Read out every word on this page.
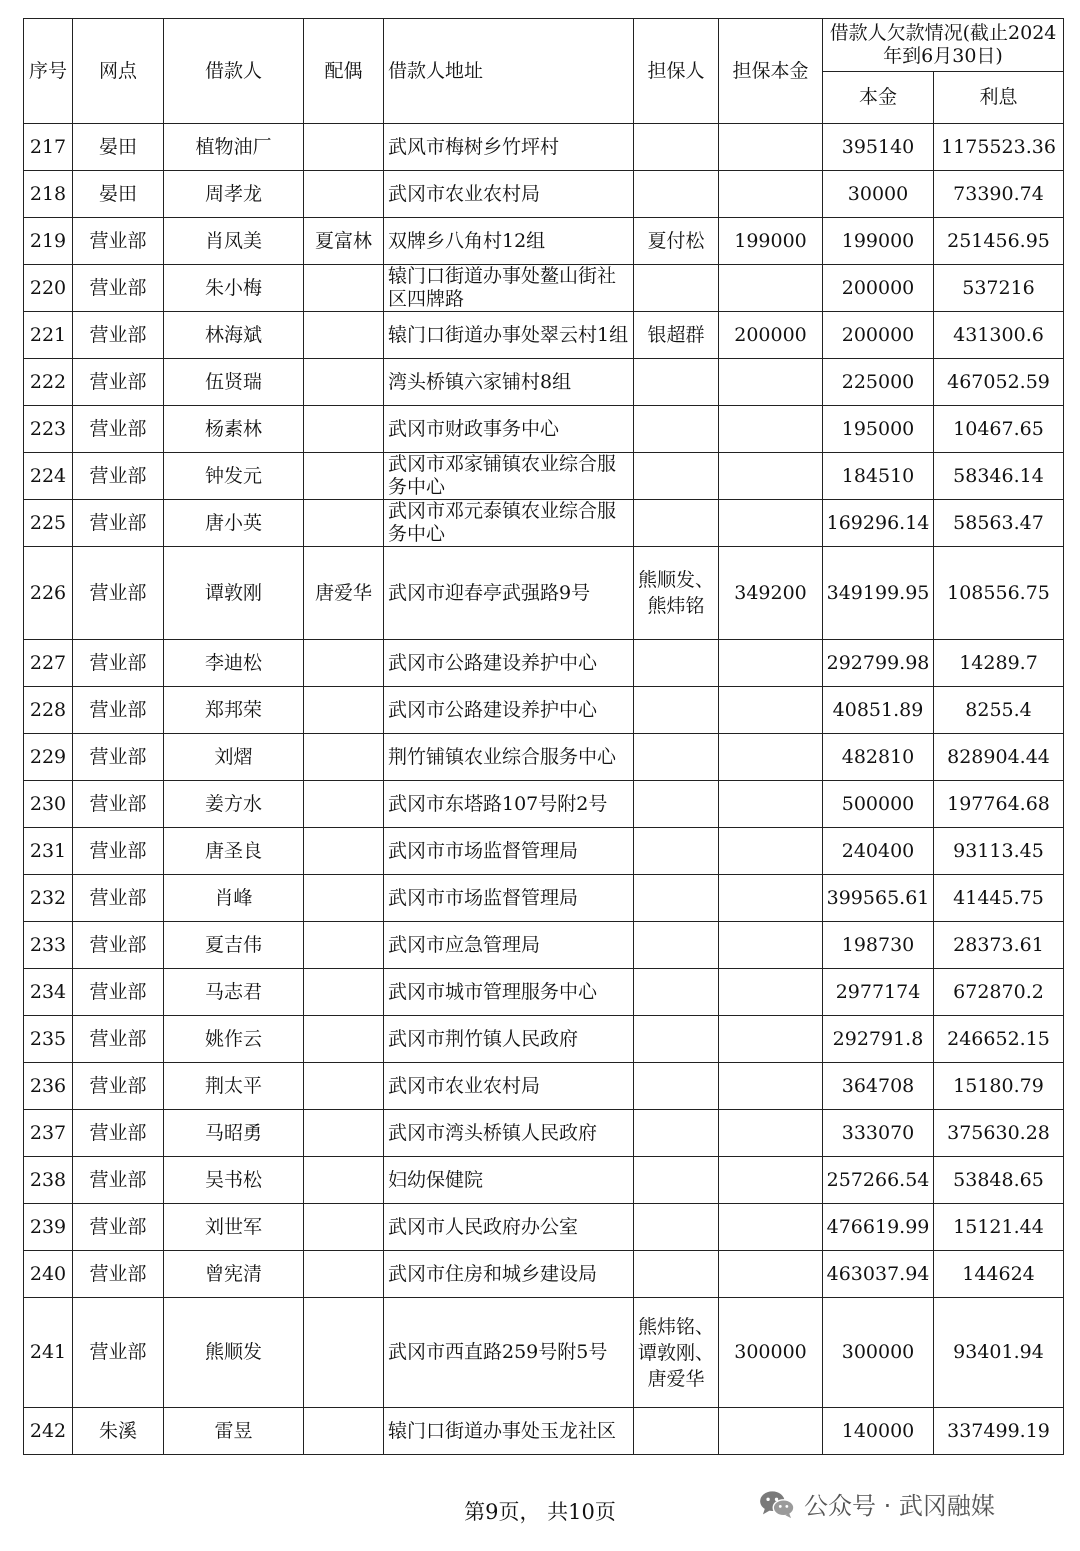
序号	网点	借款人	配偶	借款人地址	担保人	担保本金	借款人欠款情况(截止2024年到6月30日)	
							本金	利息
217	晏田	植物油厂		武风市梅树乡竹坪村			395140	1175523.36
218	晏田	周孝龙		武冈市农业农村局			30000	73390.74
219	营业部	肖凤美	夏富林	双牌乡八角村12组	夏付松	199000	199000	251456.95
220	营业部	朱小梅		辕门口街道办事处鳌山街社区四牌路			200000	537216
221	营业部	林海斌		辕门口街道办事处翠云村1组	银超群	200000	200000	431300.6
222	营业部	伍贤瑞		湾头桥镇六家铺村8组			225000	467052.59
223	营业部	杨素林		武冈市财政事务中心			195000	10467.65
224	营业部	钟发元		武冈市邓家铺镇农业综合服务中心			184510	58346.14
225	营业部	唐小英		武冈市邓元泰镇农业综合服务中心			169296.14	58563.47
226	营业部	谭敦刚	唐爱华	武冈市迎春亭武强路9号	熊顺发、熊炜铭	349200	349199.95	108556.75
227	营业部	李迪松		武冈市公路建设养护中心			292799.98	14289.7
228	营业部	郑邦荣		武冈市公路建设养护中心			40851.89	8255.4
229	营业部	刘熠		荆竹铺镇农业综合服务中心			482810	828904.44
230	营业部	姜方水		武冈市东塔路107号附2号			500000	197764.68
231	营业部	唐圣良		武冈市市场监督管理局			240400	93113.45
232	营业部	肖峰		武冈市市场监督管理局			399565.61	41445.75
233	营业部	夏吉伟		武冈市应急管理局			198730	28373.61
234	营业部	马志君		武冈市城市管理服务中心			2977174	672870.2
235	营业部	姚作云		武冈市荆竹镇人民政府			292791.8	246652.15
236	营业部	荆太平		武冈市农业农村局			364708	15180.79
237	营业部	马昭勇		武冈市湾头桥镇人民政府			333070	375630.28
238	营业部	吴书松		妇幼保健院			257266.54	53848.65
239	营业部	刘世军		武冈市人民政府办公室			476619.99	15121.44
240	营业部	曾宪清		武冈市住房和城乡建设局			463037.94	144624
241	营业部	熊顺发		武冈市西直路259号附5号	熊炜铭、谭敦刚、唐爱华	300000	300000	93401.94
242	朱溪	雷昱		辕门口街道办事处玉龙社区			140000	337499.19
第9页， 共10页	公众号 · 武冈融媒
